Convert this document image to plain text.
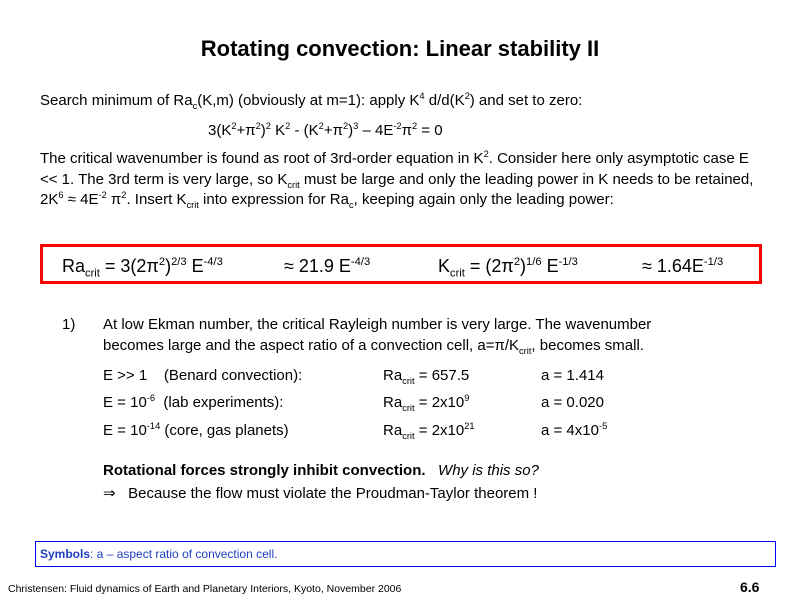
Rotating convection: Linear stability II
Search minimum of $Ra_c(K,m)$ (obviously at m=1): apply $K^4$ $d/d(K^2)$ and set to zero:
$3(K^2+\pi^2)^2$ $K^2 - (K^2+\pi^2)^3 - 4E^{-2}\pi^2 = 0$
The critical wavenumber is found as root of 3rd-order equation in $K^2$. Consider here only asymptotic case E << 1. The 3rd term is very large, so $K_{crit}$ must be large and only the leading power in K needs to be retained, $2K^6 \approx 4E^{-2}$ $\pi^2$. Insert $K_{crit}$ into expression for $Ra_c$, keeping again only the leading power:
$Ra_{crit} = 3(2\pi^2)^{2/3}$ $E^{-4/3}$	≈ 21.9 $E^{-4/3}$	$K_{crit} = (2\pi^2)^{1/6}$ $E^{-1/3}$	≈ $1.64E^{-1/3}$
1) At low Ekman number, the critical Rayleigh number is very large. The wavenumber
becomes large and the aspect ratio of a convection cell, $a=\pi/K_{crit}$, becomes small.
E >> 1    (Benard convection):	$Ra_{crit} = 657.5$	a = 1.414
$E = 10^{-6}$  (lab experiments):	$Ra_{crit} = 2x10^9$	a = 0.020
$E = 10^{-14}$ (core, gas planets)	$Ra_{crit} = 2x10^{21}$	$a = 4x10^{-5}$
Rotational forces strongly inhibit convection. Why is this so?
⇒ Because the flow must violate the Proudman-Taylor theorem !
Symbols: a – aspect ratio of convection cell.
Christensen: Fluid dynamics of Earth and Planetary Interiors, Kyoto, November 2006	6.6
